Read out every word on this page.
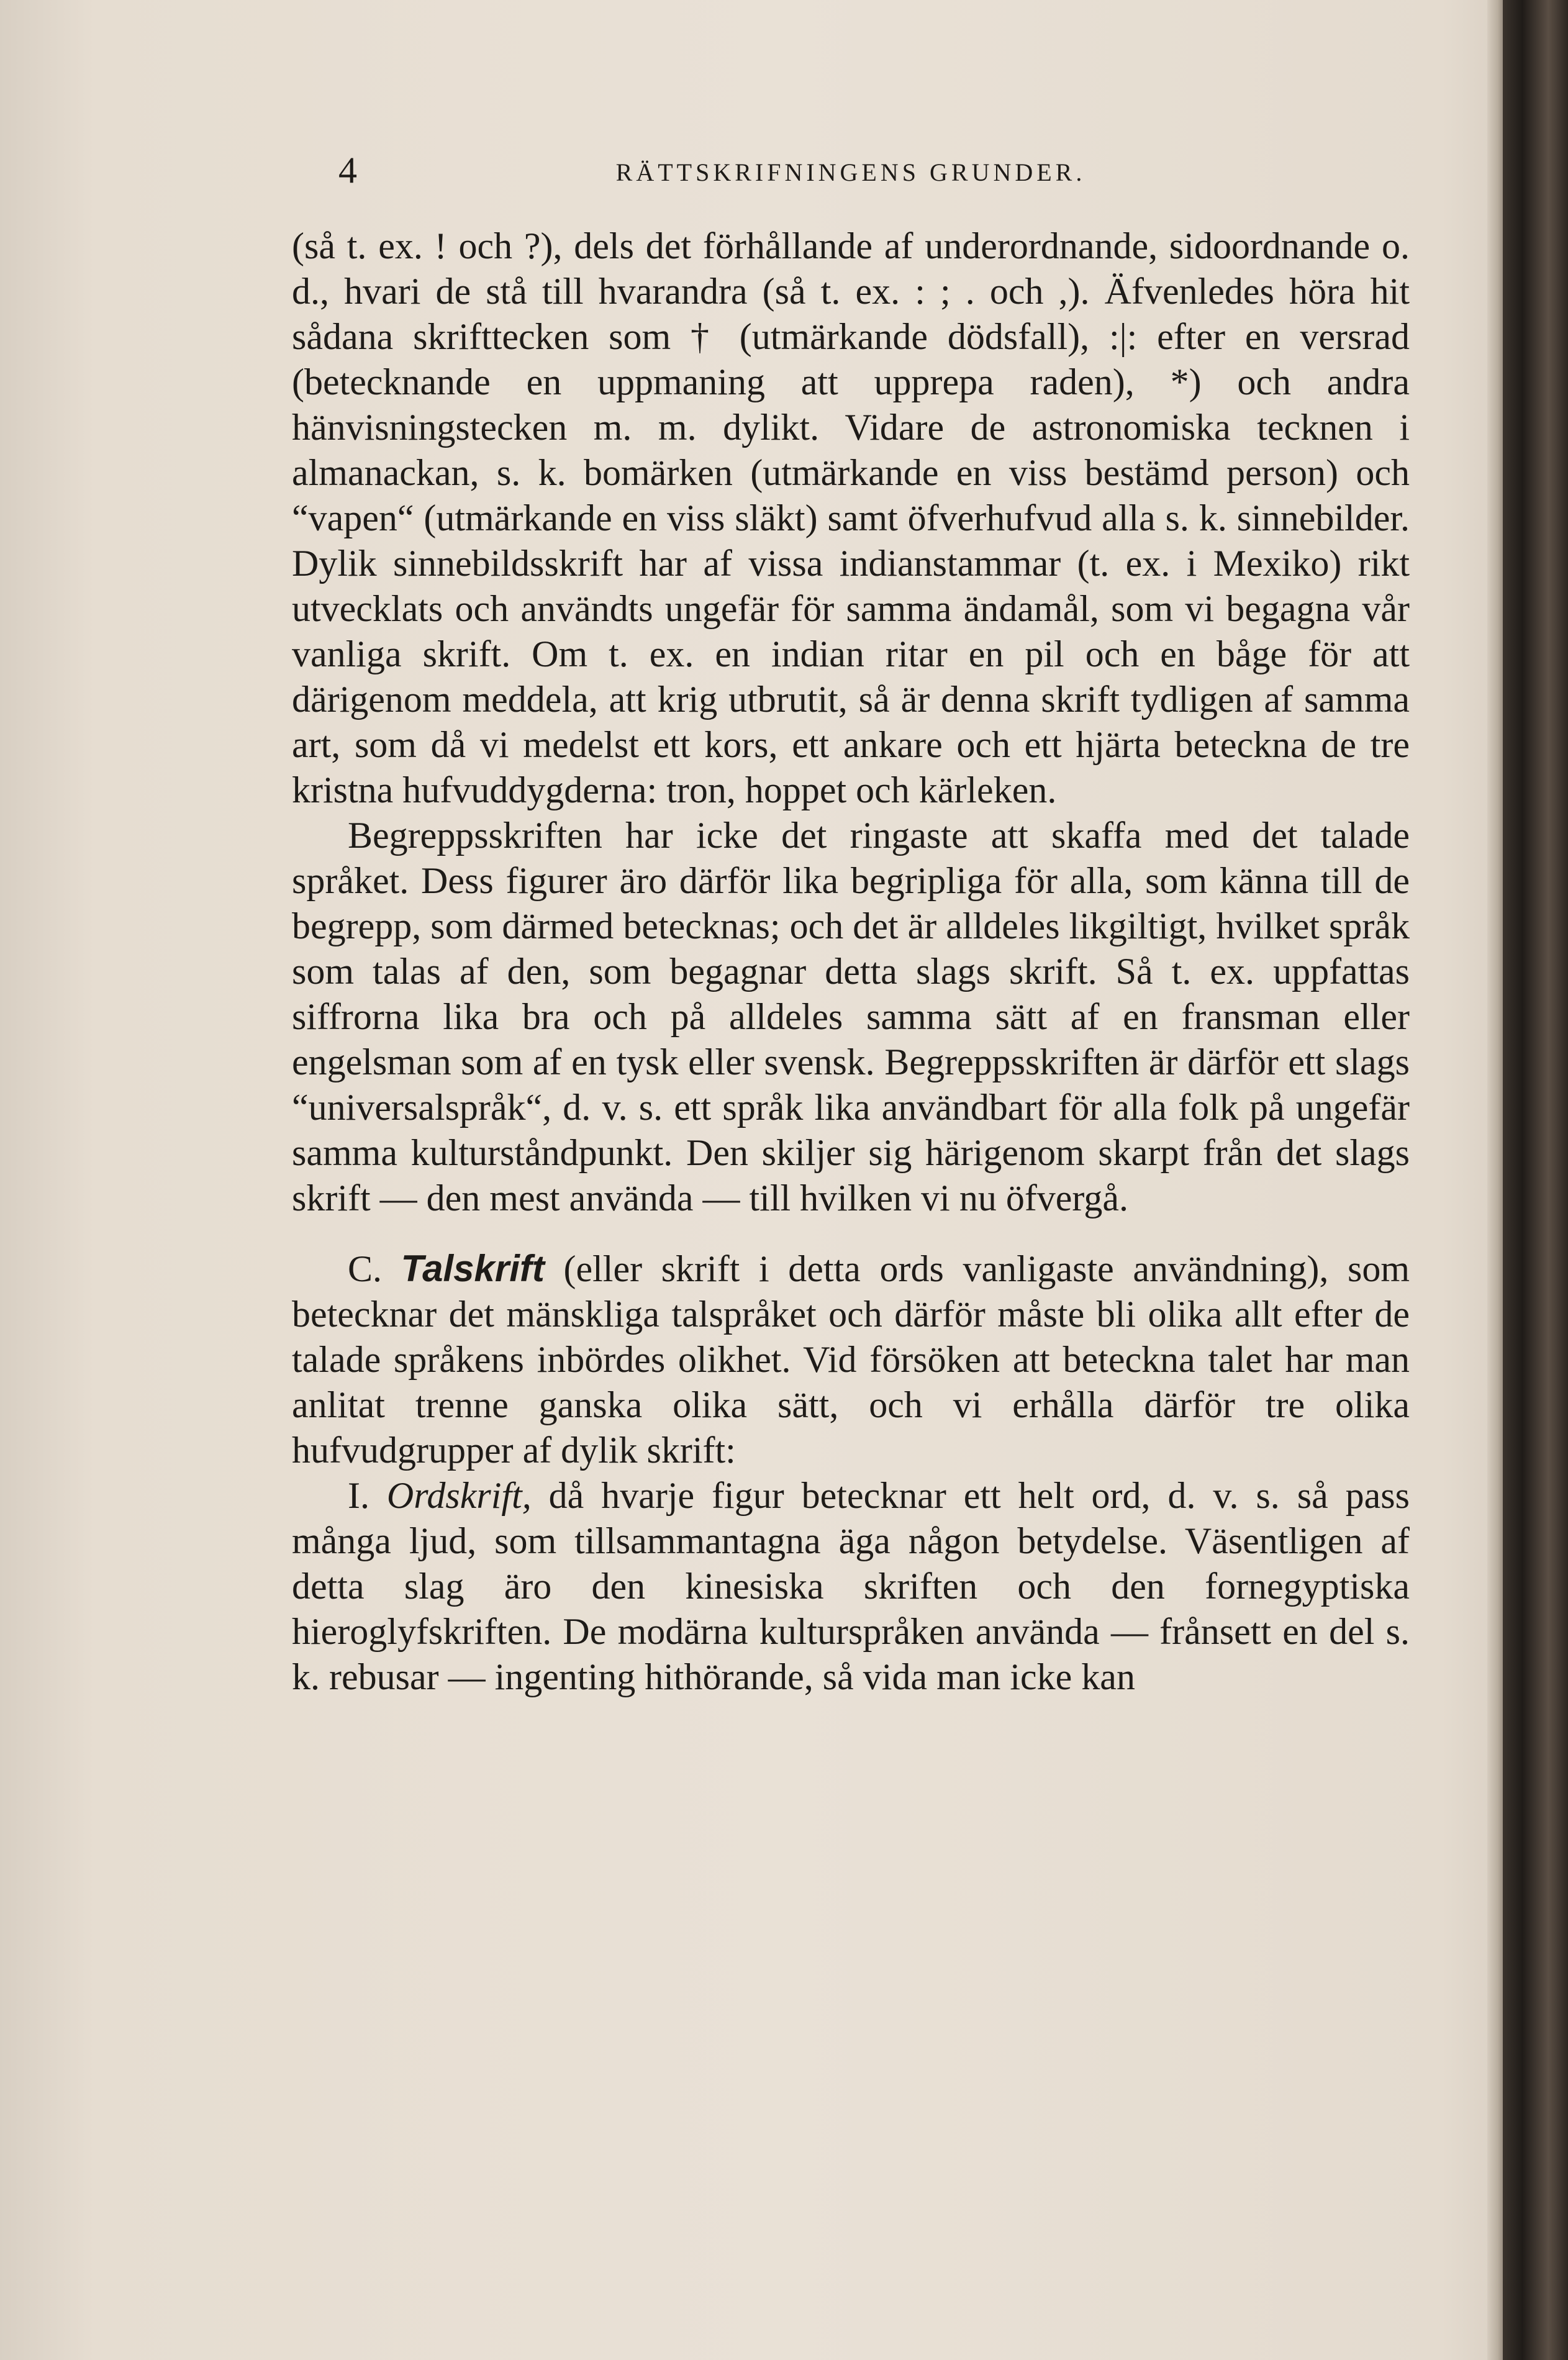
4	RÄTTSKRIFNINGENS GRUNDER.

(så t. ex. ! och ?), dels det förhållande af underordnande, sidoordnande o. d., hvari de stå till hvarandra (så t. ex. : ; . och ,). Äfvenledes höra hit sådana skrifttecken som † (utmärkande dödsfall), :|: efter en versrad (betecknande en uppmaning att upprepa raden), *) och andra hänvisningstecken m. m. dylikt. Vidare de astronomiska tecknen i almanackan, s. k. bomärken (utmärkande en viss bestämd person) och “vapen“ (utmärkande en viss släkt) samt öfverhufvud alla s. k. sinnebilder. Dylik sinnebildsskrift har af vissa indianstammar (t. ex. i Mexiko) rikt utvecklats och användts ungefär för samma ändamål, som vi begagna vår vanliga skrift. Om t. ex. en indian ritar en pil och en båge för att därigenom meddela, att krig utbrutit, så är denna skrift tydligen af samma art, som då vi medelst ett kors, ett ankare och ett hjärta beteckna de tre kristna hufvuddygderna: tron, hoppet och kärleken.

Begreppsskriften har icke det ringaste att skaffa med det talade språket. Dess figurer äro därför lika begripliga för alla, som känna till de begrepp, som därmed betecknas; och det är alldeles likgiltigt, hvilket språk som talas af den, som begagnar detta slags skrift. Så t. ex. uppfattas siffrorna lika bra och på alldeles samma sätt af en fransman eller engelsman som af en tysk eller svensk. Begreppsskriften är därför ett slags “universalspråk“, d. v. s. ett språk lika användbart för alla folk på ungefär samma kulturståndpunkt. Den skiljer sig härigenom skarpt från det slags skrift — den mest använda — till hvilken vi nu öfvergå.

C. Talskrift (eller skrift i detta ords vanligaste användning), som betecknar det mänskliga talspråket och därför måste bli olika allt efter de talade språkens inbördes olikhet. Vid försöken att beteckna talet har man anlitat trenne ganska olika sätt, och vi erhålla därför tre olika hufvudgrupper af dylik skrift:

I. Ordskrift, då hvarje figur betecknar ett helt ord, d. v. s. så pass många ljud, som tillsammantagna äga någon betydelse. Väsentligen af detta slag äro den kinesiska skriften och den fornegyptiska hieroglyfskriften. De modärna kulturspråken använda — frånsett en del s. k. rebusar — ingenting hithörande, så vida man icke kan
